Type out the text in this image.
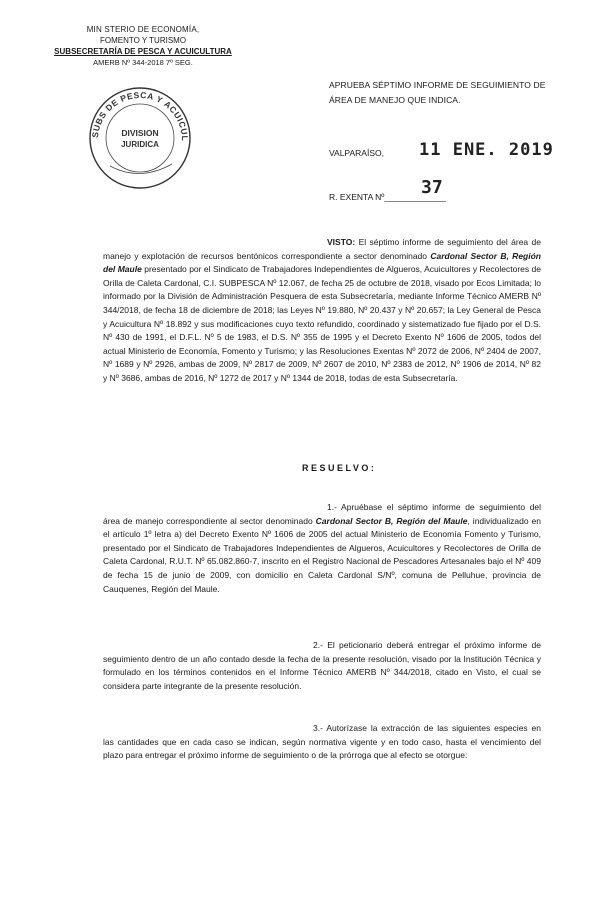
MIN STERIO DE ECONOMÍA,
FOMENTO Y TURISMO
SUBSECRETARÍA DE PESCA Y ACUICULTURA
AMERB Nº 344-2018 7º SEG.
SUBS DE PESCA Y ACUICUL
DIVISION
JURIDICA
APRUEBA SÉPTIMO INFORME DE SEGUIMIENTO DE ÁREA DE MANEJO QUE INDICA.
VALPARAÍSO, 11 ENE. 2019
37
R. EXENTA Nº_____________
VISTO: El séptimo informe de seguimiento del área de manejo y explotación de recursos bentónicos correspondiente a sector denominado Cardonal Sector B, Región del Maule presentado por el Sindicato de Trabajadores Independientes de Algueros, Acuicultores y Recolectores de Orilla de Caleta Cardonal, C.I. SUBPESCA Nº 12.067, de fecha 25 de octubre de 2018, visado por Ecos Limitada; lo informado por la División de Administración Pesquera de esta Subsecretaría, mediante Informe Técnico AMERB Nº 344/2018, de fecha 18 de diciembre de 2018; las Leyes Nº 19.880, Nº 20.437 y Nº 20.657; la Ley General de Pesca y Acuicultura Nº 18.892 y sus modificaciones cuyo texto refundido, coordinado y sistematizado fue fijado por el D.S. Nº 430 de 1991, el D.F.L. Nº 5 de 1983, el D.S. Nº 355 de 1995 y el Decreto Exento Nº 1606 de 2005, todos del actual Ministerio de Economía, Fomento y Turismo; y las Resoluciones Exentas Nº 2072 de 2006, Nº 2404 de 2007, Nº 1689 y Nº 2926, ambas de 2009, Nº 2817 de 2009, Nº 2607 de 2010, Nº 2383 de 2012, Nº 1906 de 2014, Nº 82 y Nº 3686, ambas de 2016, Nº 1272 de 2017 y Nº 1344 de 2018, todas de esta Subsecretaría.
RESUELVO:
1.- Apruébase el séptimo informe de seguimiento del área de manejo correspondiente al sector denominado Cardonal Sector B, Región del Maule, individualizado en el artículo 1º letra a) del Decreto Exento Nº 1606 de 2005 del actual Ministerio de Economía Fomento y Turismo, presentado por el Sindicato de Trabajadores Independientes de Algueros, Acuicultores y Recolectores de Orilla de Caleta Cardonal, R.U.T. Nº 65.082.860-7, inscrito en el Registro Nacional de Pescadores Artesanales bajo el Nº 409 de fecha 15 de junio de 2009, con domicilio en Caleta Cardonal S/Nº, comuna de Pelluhue, provincia de Cauquenes, Región del Maule.
2.- El peticionario deberá entregar el próximo informe de seguimiento dentro de un año contado desde la fecha de la presente resolución, visado por la Institución Técnica y formulado en los términos contenidos en el Informe Técnico AMERB Nº 344/2018, citado en Visto, el cual se considera parte integrante de la presente resolución.
3.- Autorízase la extracción de las siguientes especies en las cantidades que en cada caso se indican, según normativa vigente y en todo caso, hasta el vencimiento del plazo para entregar el próximo informe de seguimiento o de la prórroga que al efecto se otorgue:
